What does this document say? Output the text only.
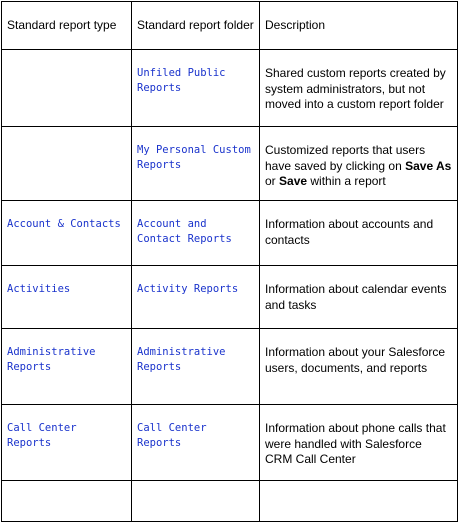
Standard report type	Standard report folder	Description

	Unfiled Public Reports	Shared custom reports created by system administrators, but not moved into a custom report folder

	My Personal Custom Reports	Customized reports that users have saved by clicking on Save As or Save within a report

Account & Contacts	Account and Contact Reports	Information about accounts and contacts

Activities	Activity Reports	Information about calendar events and tasks

Administrative Reports	Administrative Reports	Information about your Salesforce users, documents, and reports

Call Center Reports	Call Center Reports	Information about phone calls that were handled with Salesforce CRM Call Center
